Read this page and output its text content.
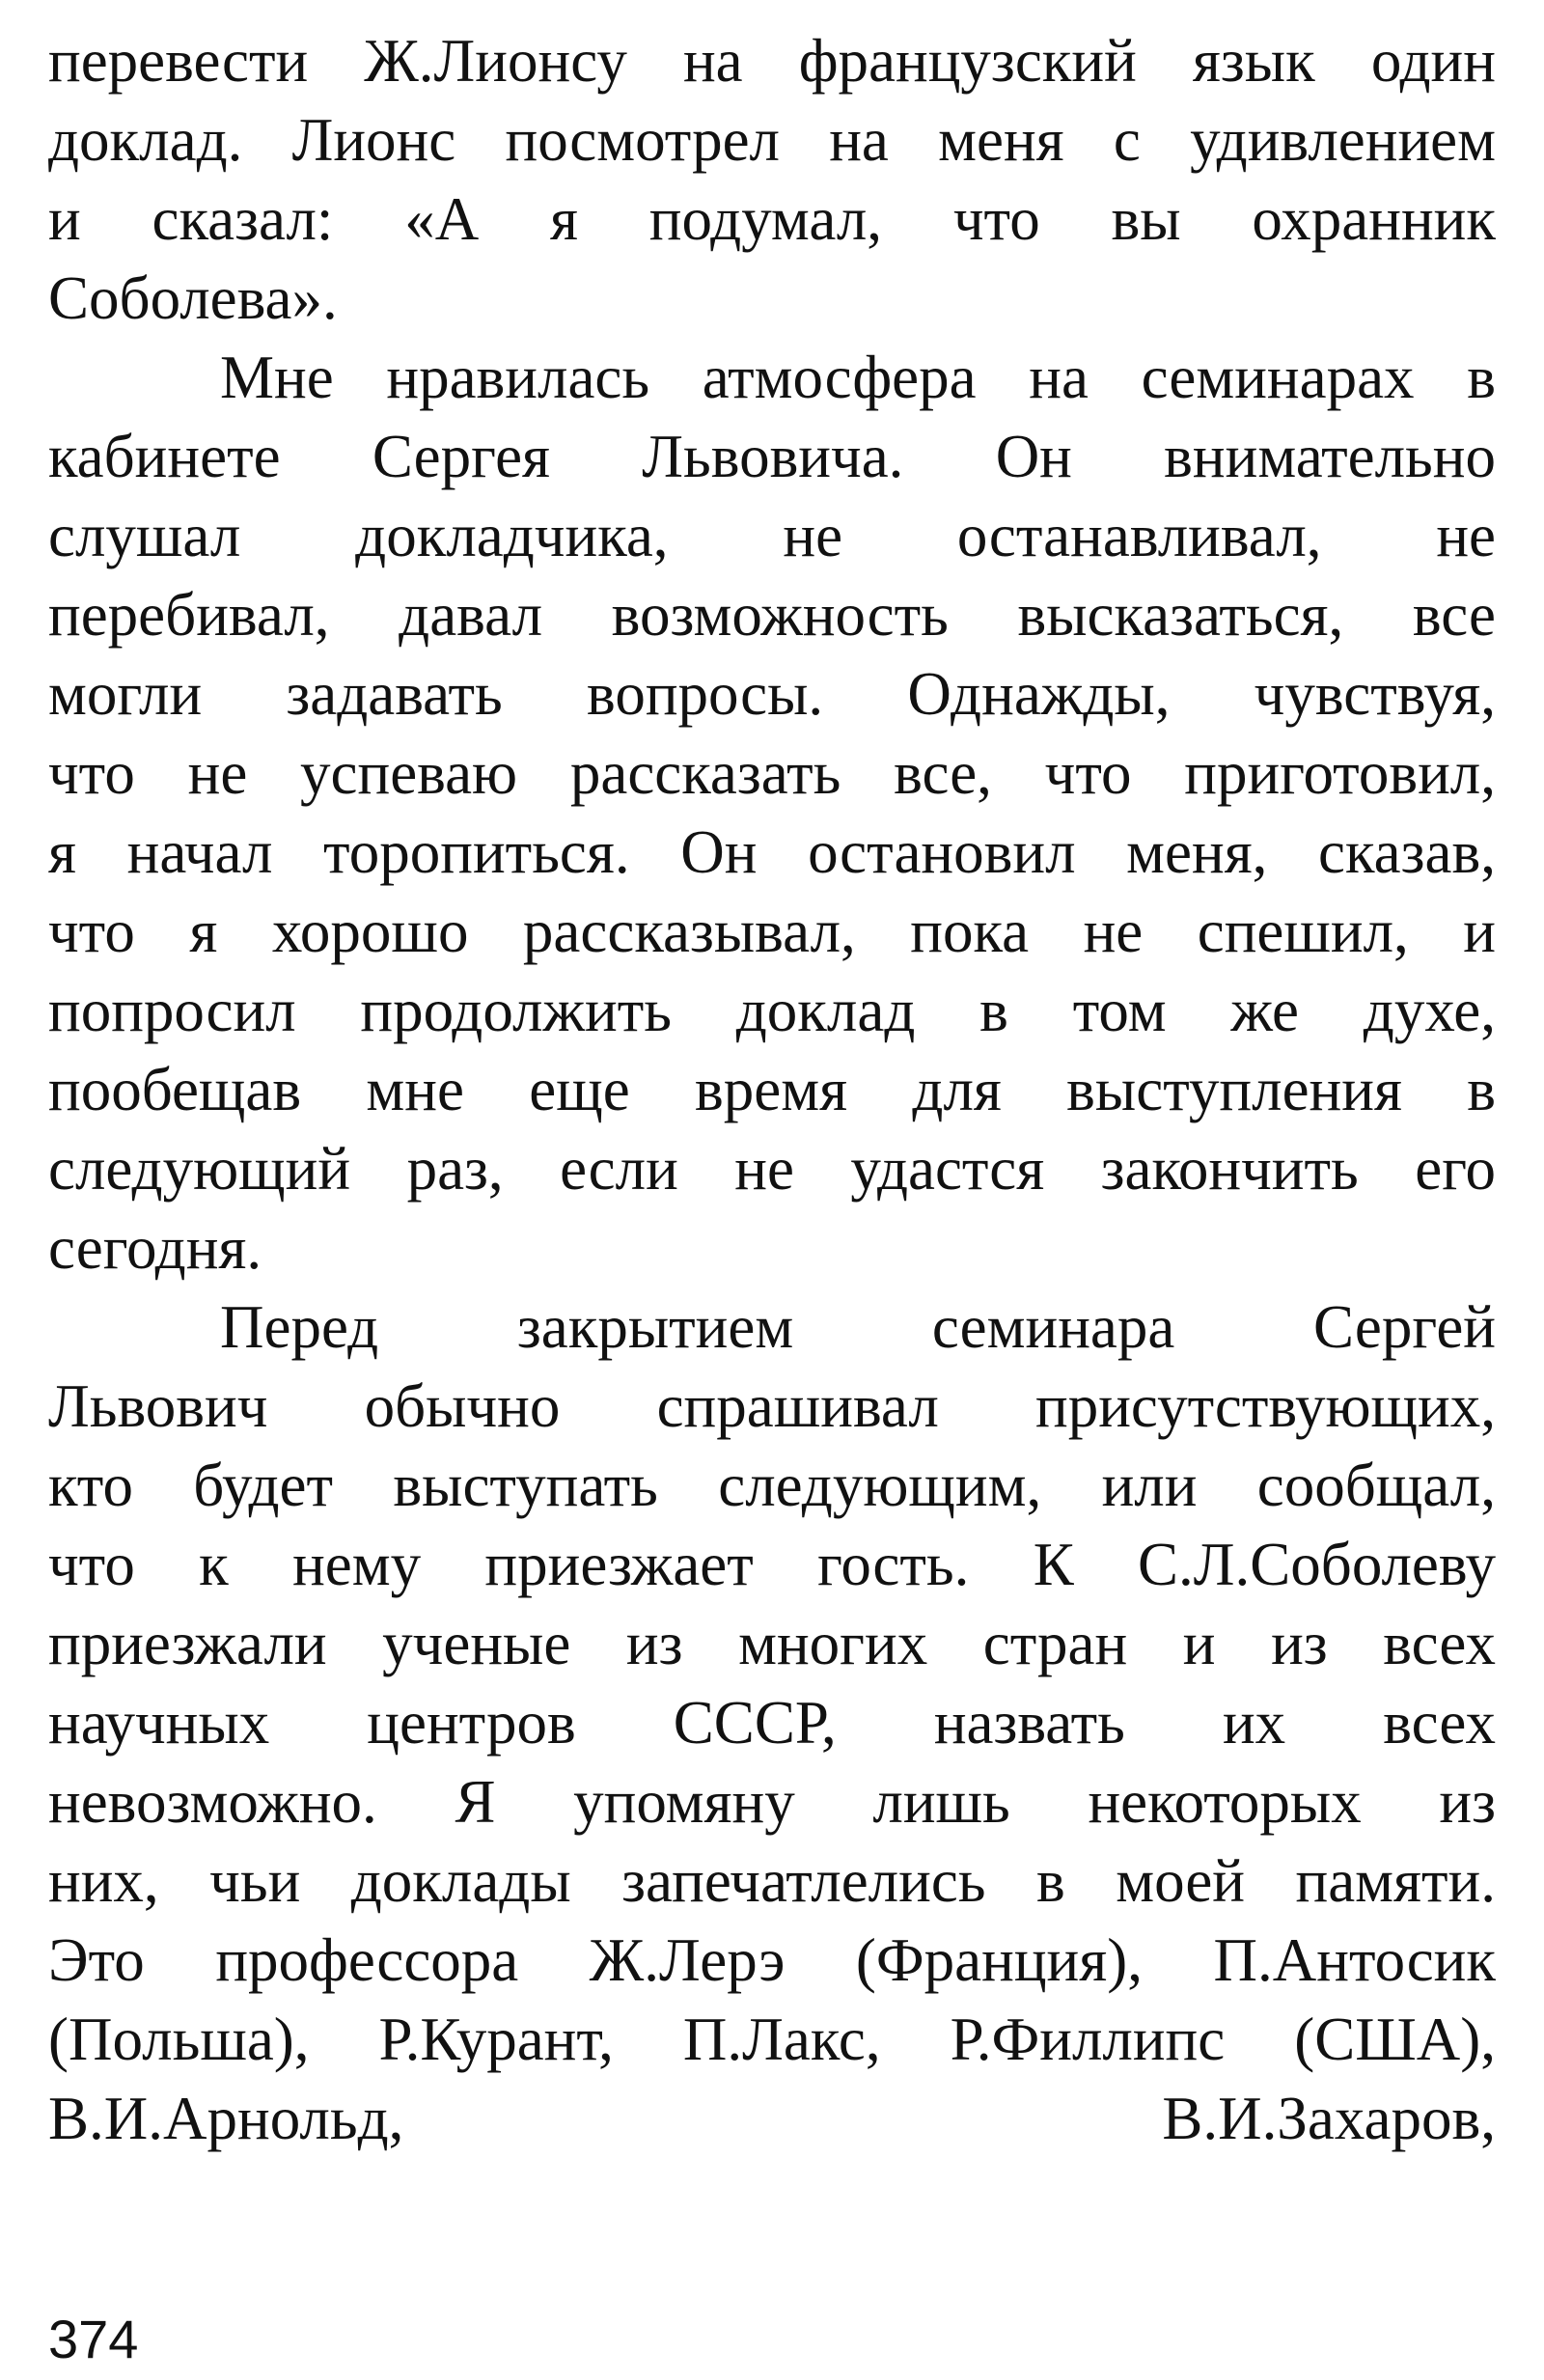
перевести Ж.Лионсу на французский язык один
доклад. Лионс посмотрел на меня с удивлением
и сказал: «А я подумал, что вы охранник
Соболева».
Мне нравилась атмосфера на семинарах в
кабинете Сергея Львовича. Он внимательно
слушал докладчика, не останавливал, не
перебивал, давал возможность высказаться, все
могли задавать вопросы. Однажды, чувствуя,
что не успеваю рассказать все, что приготовил,
я начал торопиться. Он остановил меня, сказав,
что я хорошо рассказывал, пока не спешил, и
попросил продолжить доклад в том же духе,
пообещав мне еще время для выступления в
следующий раз, если не удастся закончить его
сегодня.
Перед закрытием семинара Сергей
Львович обычно спрашивал присутствующих,
кто будет выступать следующим, или сообщал,
что к нему приезжает гость. К С.Л.Соболеву
приезжали ученые из многих стран и из всех
научных центров СССР, назвать их всех
невозможно. Я упомяну лишь некоторых из
них, чьи доклады запечатлелись в моей памяти.
Это профессора Ж.Лерэ (Франция), П.Антосик
(Польша), Р.Курант, П.Лакс, Р.Филлипс (США),
В.И.Арнольд, В.И.Захаров,
374
